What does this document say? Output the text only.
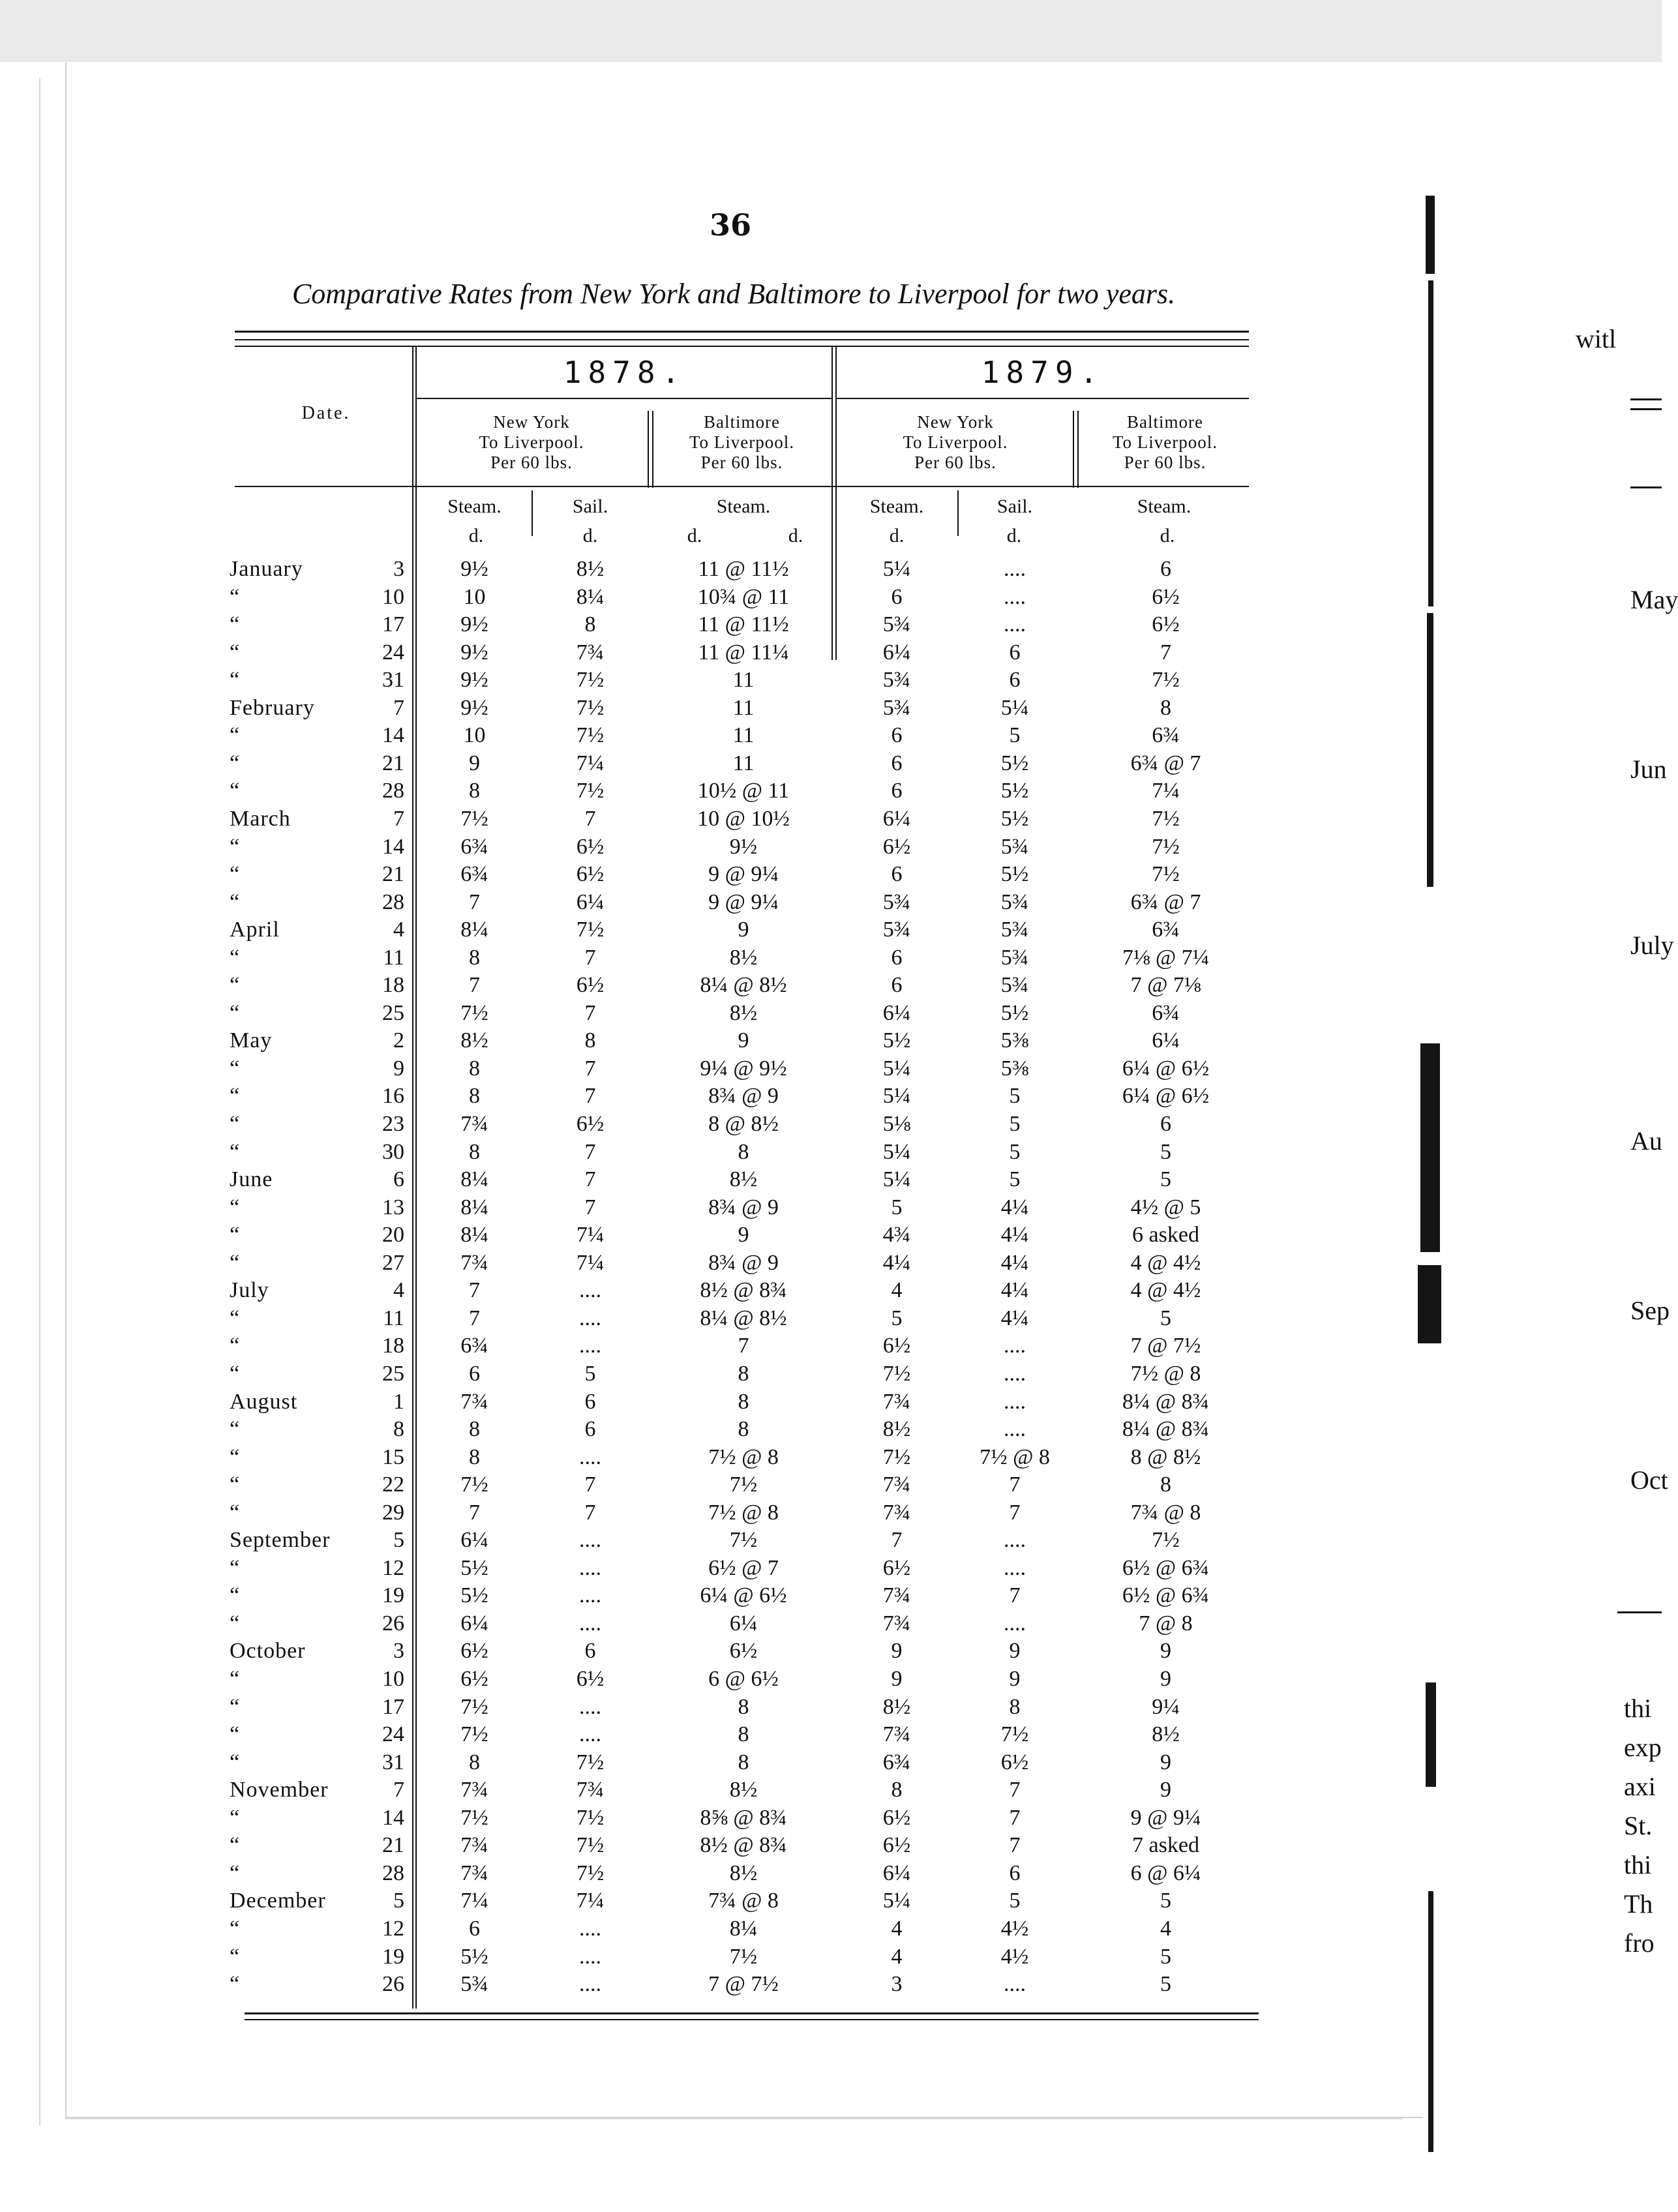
witl
May
Jun
July
Au
Sep
Oct
thi
exp
axi
St.
thi
Th
fro
36
Comparative Rates from New York and Baltimore to Liverpool for two years.
Date.
1878.	1879.
New York
To Liverpool.
Per 60 lbs.
Baltimore
To Liverpool.
Per 60 lbs.
New York
To Liverpool.
Per 60 lbs.
Baltimore
To Liverpool.
Per 60 lbs.
Steam.	Sail.	Steam.	Steam.	Sail.	Steam.
d.	d.	d.	d.	d.	d.	d.
January	3	9½	8½	11 @ 11½	5¼	....	6
“	10	10	8¼	10¾ @ 11	6	....	6½
“	17	9½	8	11 @ 11½	5¾	....	6½
“	24	9½	7¾	11 @ 11¼	6¼	6	7
“	31	9½	7½	11	5¾	6	7½
February	7	9½	7½	11	5¾	5¼	8
“	14	10	7½	11	6	5	6¾
“	21	9	7¼	11	6	5½	6¾ @ 7
“	28	8	7½	10½ @ 11	6	5½	7¼
March	7	7½	7	10 @ 10½	6¼	5½	7½
“	14	6¾	6½	9½	6½	5¾	7½
“	21	6¾	6½	9 @ 9¼	6	5½	7½
“	28	7	6¼	9 @ 9¼	5¾	5¾	6¾ @ 7
April	4	8¼	7½	9	5¾	5¾	6¾
“	11	8	7	8½	6	5¾	7⅛ @ 7¼
“	18	7	6½	8¼ @ 8½	6	5¾	7 @ 7⅛
“	25	7½	7	8½	6¼	5½	6¾
May	2	8½	8	9	5½	5⅜	6¼
“	9	8	7	9¼ @ 9½	5¼	5⅜	6¼ @ 6½
“	16	8	7	8¾ @ 9	5¼	5	6¼ @ 6½
“	23	7¾	6½	8 @ 8½	5⅛	5	6
“	30	8	7	8	5¼	5	5
June	6	8¼	7	8½	5¼	5	5
“	13	8¼	7	8¾ @ 9	5	4¼	4½ @ 5
“	20	8¼	7¼	9	4¾	4¼	6 asked
“	27	7¾	7¼	8¾ @ 9	4¼	4¼	4 @ 4½
July	4	7	....	8½ @ 8¾	4	4¼	4 @ 4½
“	11	7	....	8¼ @ 8½	5	4¼	5
“	18	6¾	....	7	6½	....	7 @ 7½
“	25	6	5	8	7½	....	7½ @ 8
August	1	7¾	6	8	7¾	....	8¼ @ 8¾
“	8	8	6	8	8½	....	8¼ @ 8¾
“	15	8	....	7½ @ 8	7½	7½ @ 8	8 @ 8½
“	22	7½	7	7½	7¾	7	8
“	29	7	7	7½ @ 8	7¾	7	7¾ @ 8
September	5	6¼	....	7½	7	....	7½
“	12	5½	....	6½ @ 7	6½	....	6½ @ 6¾
“	19	5½	....	6¼ @ 6½	7¾	7	6½ @ 6¾
“	26	6¼	....	6¼	7¾	....	7 @ 8
October	3	6½	6	6½	9	9	9
“	10	6½	6½	6 @ 6½	9	9	9
“	17	7½	....	8	8½	8	9¼
“	24	7½	....	8	7¾	7½	8½
“	31	8	7½	8	6¾	6½	9
November	7	7¾	7¾	8½	8	7	9
“	14	7½	7½	8⅝ @ 8¾	6½	7	9 @ 9¼
“	21	7¾	7½	8½ @ 8¾	6½	7	7 asked
“	28	7¾	7½	8½	6¼	6	6 @ 6¼
December	5	7¼	7¼	7¾ @ 8	5¼	5	5
“	12	6	....	8¼	4	4½	4
“	19	5½	....	7½	4	4½	5
“	26	5¾	....	7 @ 7½	3	....	5
